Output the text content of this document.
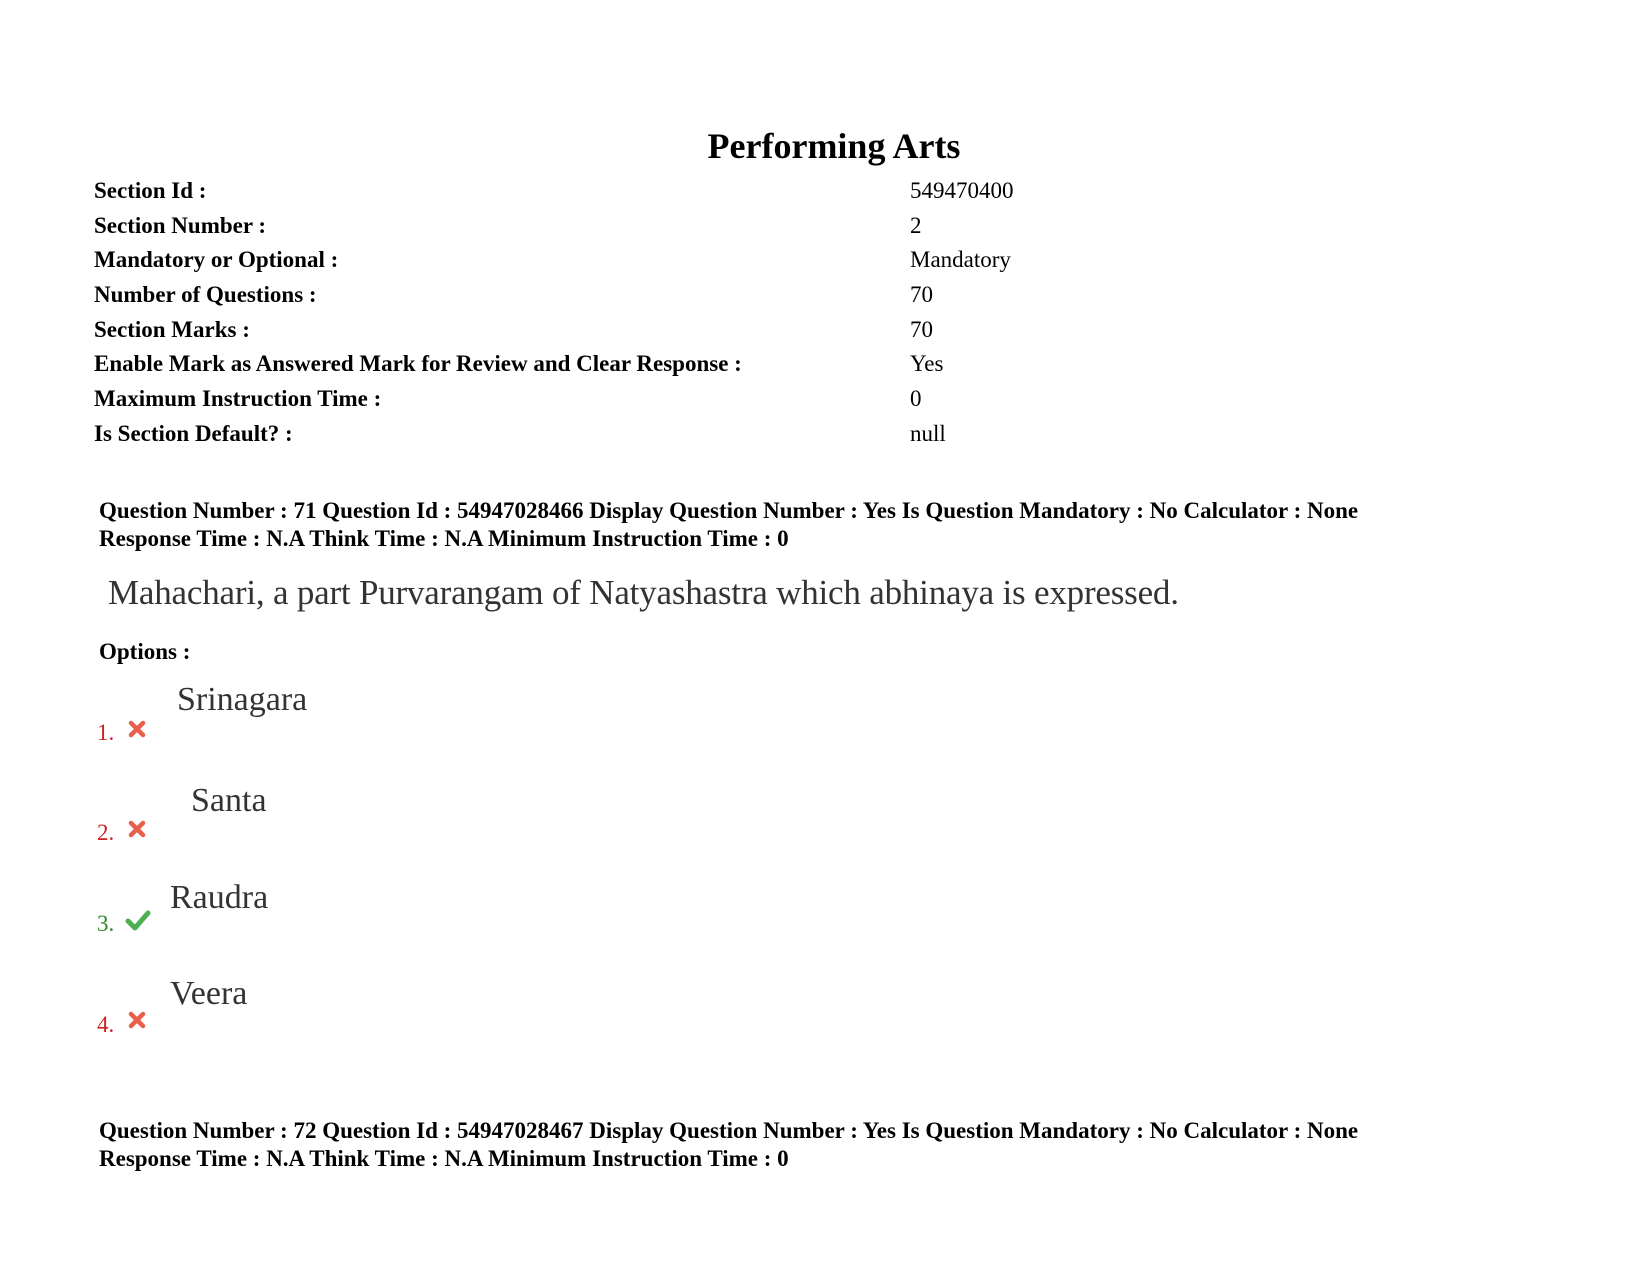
Performing Arts
Section Id :	549470400
Section Number :	2
Mandatory or Optional :	Mandatory
Number of Questions :	70
Section Marks :	70
Enable Mark as Answered Mark for Review and Clear Response :	Yes
Maximum Instruction Time :	0
Is Section Default? :	null
Question Number : 71 Question Id : 54947028466 Display Question Number : Yes Is Question Mandatory : No Calculator : None
Response Time : N.A Think Time : N.A Minimum Instruction Time : 0
Mahachari, a part Purvarangam of Natyashastra which abhinaya is expressed.
Options :
1.
Srinagara
2.
Santa
3.
Raudra
4.
Veera
Question Number : 72 Question Id : 54947028467 Display Question Number : Yes Is Question Mandatory : No Calculator : None
Response Time : N.A Think Time : N.A Minimum Instruction Time : 0
